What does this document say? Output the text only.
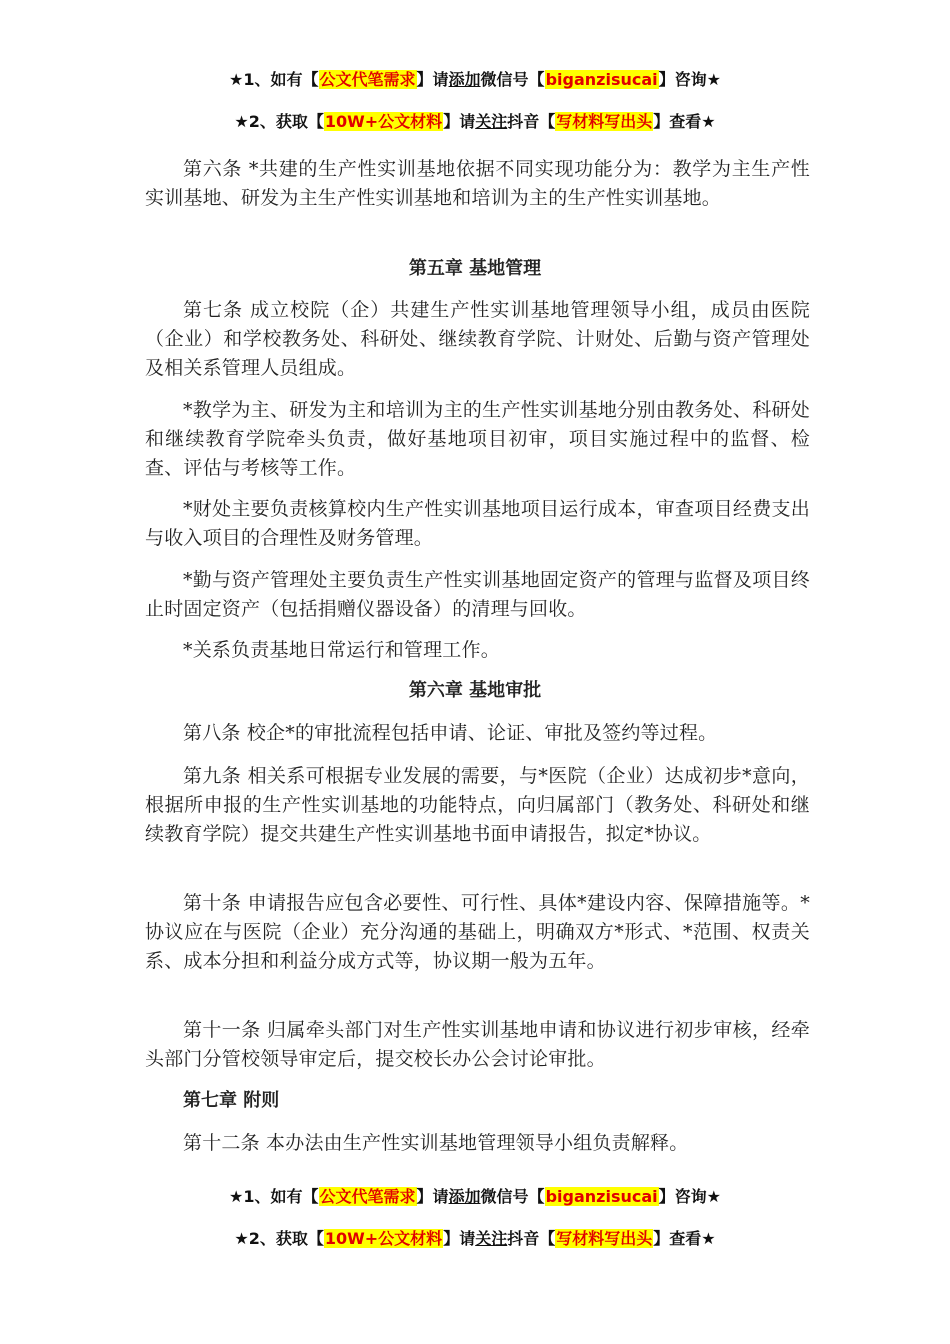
★1、如有【公文代笔需求】请添加微信号【biganzisucai】咨询★
★2、获取【10W+公文材料】请关注抖音【写材料写出头】查看★

第六条 *共建的生产性实训基地依据不同实现功能分为：教学为主生产性实训基地、研发为主生产性实训基地和培训为主的生产性实训基地。

第五章 基地管理

第七条 成立校院（企）共建生产性实训基地管理领导小组，成员由医院（企业）和学校教务处、科研处、继续教育学院、计财处、后勤与资产管理处及相关系管理人员组成。

*教学为主、研发为主和培训为主的生产性实训基地分别由教务处、科研处和继续教育学院牵头负责，做好基地项目初审，项目实施过程中的监督、检查、评估与考核等工作。

*财处主要负责核算校内生产性实训基地项目运行成本，审查项目经费支出与收入项目的合理性及财务管理。

*勤与资产管理处主要负责生产性实训基地固定资产的管理与监督及项目终止时固定资产（包括捐赠仪器设备）的清理与回收。

*关系负责基地日常运行和管理工作。

第六章 基地审批

第八条 校企*的审批流程包括申请、论证、审批及签约等过程。

第九条 相关系可根据专业发展的需要，与*医院（企业）达成初步*意向，根据所申报的生产性实训基地的功能特点，向归属部门（教务处、科研处和继续教育学院）提交共建生产性实训基地书面申请报告，拟定*协议。

第十条 申请报告应包含必要性、可行性、具体*建设内容、保障措施等。*协议应在与医院（企业）充分沟通的基础上，明确双方*形式、*范围、权责关系、成本分担和利益分成方式等，协议期一般为五年。

第十一条 归属牵头部门对生产性实训基地申请和协议进行初步审核，经牵头部门分管校领导审定后，提交校长办公会讨论审批。

第七章 附则

第十二条 本办法由生产性实训基地管理领导小组负责解释。

★1、如有【公文代笔需求】请添加微信号【biganzisucai】咨询★
★2、获取【10W+公文材料】请关注抖音【写材料写出头】查看★
